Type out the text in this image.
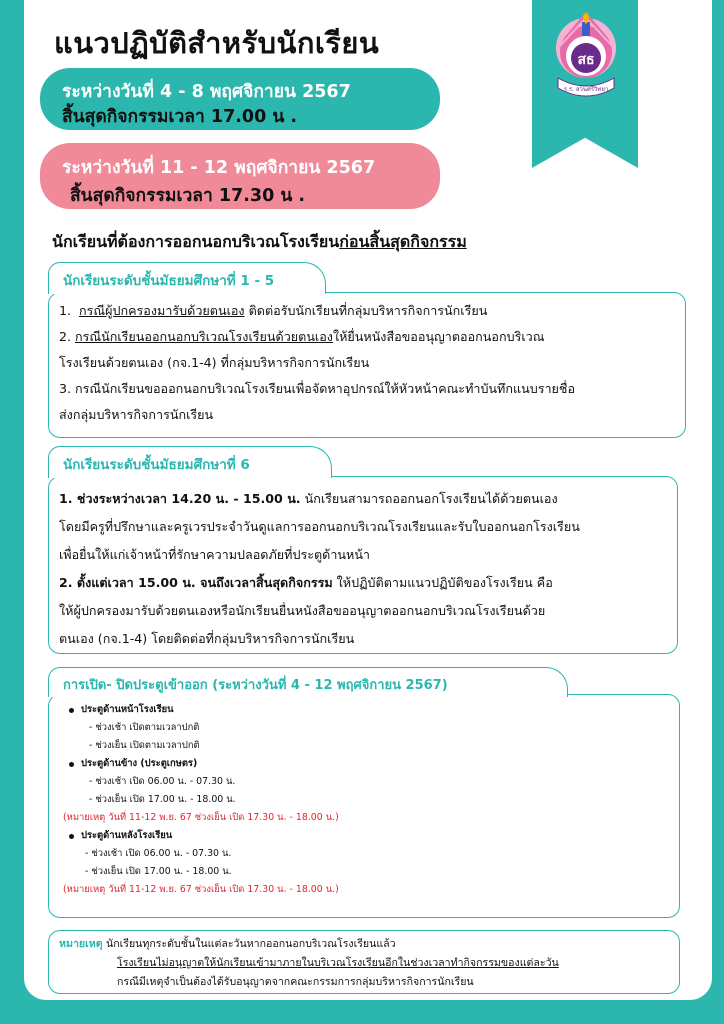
แนวปฏิบัติสำหรับนักเรียน	สธ
ร.ร. สวนศรีวิทยา
ระหว่างวันที่ 4 - 8 พฤศจิกายน 2567
สิ้นสุดกิจกรรมเวลา 17.00 น .
ระหว่างวันที่ 11 - 12 พฤศจิกายน 2567
สิ้นสุดกิจกรรมเวลา 17.30 น .
นักเรียนที่ต้องการออกนอกบริเวณโรงเรียนก่อนสิ้นสุดกิจกรรม

1. กรณีผู้ปกครองมารับด้วยตนเอง ติดต่อรับนักเรียนที่กลุ่มบริหารกิจการนักเรียน

2. กรณีนักเรียนออกนอกบริเวณโรงเรียนด้วยตนเองให้ยื่นหนังสือขออนุญาตออกนอกบริเวณ

โรงเรียนด้วยตนเอง (กจ.1-4) ที่กลุ่มบริหารกิจการนักเรียน

3. กรณีนักเรียนขอออกนอกบริเวณโรงเรียนเพื่อจัดหาอุปกรณ์ให้หัวหน้าคณะทำบันทึกแนบรายชื่อ

ส่งกลุ่มบริหารกิจการนักเรียน

นักเรียนระดับชั้นมัธยมศึกษาที่ 1 - 5

1. ช่วงระหว่างเวลา 14.20 น. - 15.00 น. นักเรียนสามารถออกนอกโรงเรียนได้ด้วยตนเอง

โดยมีครูที่ปรึกษาและครูเวรประจำวันดูแลการออกนอกบริเวณโรงเรียนและรับใบออกนอกโรงเรียน

เพื่อยื่นให้แก่เจ้าหน้าที่รักษาความปลอดภัยที่ประตูด้านหน้า

2. ตั้งแต่เวลา 15.00 น. จนถึงเวลาสิ้นสุดกิจกรรม ให้ปฏิบัติตามแนวปฏิบัติของโรงเรียน คือ

ให้ผู้ปกครองมารับด้วยตนเองหรือนักเรียนยื่นหนังสือขออนุญาตออกนอกบริเวณโรงเรียนด้วย

ตนเอง (กจ.1-4) โดยติดต่อที่กลุ่มบริหารกิจการนักเรียน

นักเรียนระดับชั้นมัธยมศึกษาที่ 6

ประตูด้านหน้าโรงเรียน

- ช่วงเช้า เปิดตามเวลาปกติ

- ช่วงเย็น เปิดตามเวลาปกติ

ประตูด้านข้าง (ประตูเกษตร)

- ช่วงเช้า เปิด 06.00 น. - 07.30 น.

- ช่วงเย็น เปิด 17.00 น. - 18.00 น.

(หมายเหตุ วันที่ 11-12 พ.ย. 67 ช่วงเย็น เปิด 17.30 น. - 18.00 น.)

ประตูด้านหลังโรงเรียน

- ช่วงเช้า เปิด 06.00 น. - 07.30 น.

- ช่วงเย็น เปิด 17.00 น. - 18.00 น.

(หมายเหตุ วันที่ 11-12 พ.ย. 67 ช่วงเย็น เปิด 17.30 น. - 18.00 น.)

การเปิด- ปิดประตูเข้าออก (ระหว่างวันที่ 4 - 12 พฤศจิกายน 2567)

หมายเหตุ นักเรียนทุกระดับชั้นในแต่ละวันหากออกนอกบริเวณโรงเรียนแล้ว

โรงเรียนไม่อนุญาตให้นักเรียนเข้ามาภายในบริเวณโรงเรียนอีกในช่วงเวลาทำกิจกรรมของแต่ละวัน

กรณีมีเหตุจำเป็นต้องได้รับอนุญาตจากคณะกรรมการกลุ่มบริหารกิจการนักเรียน
